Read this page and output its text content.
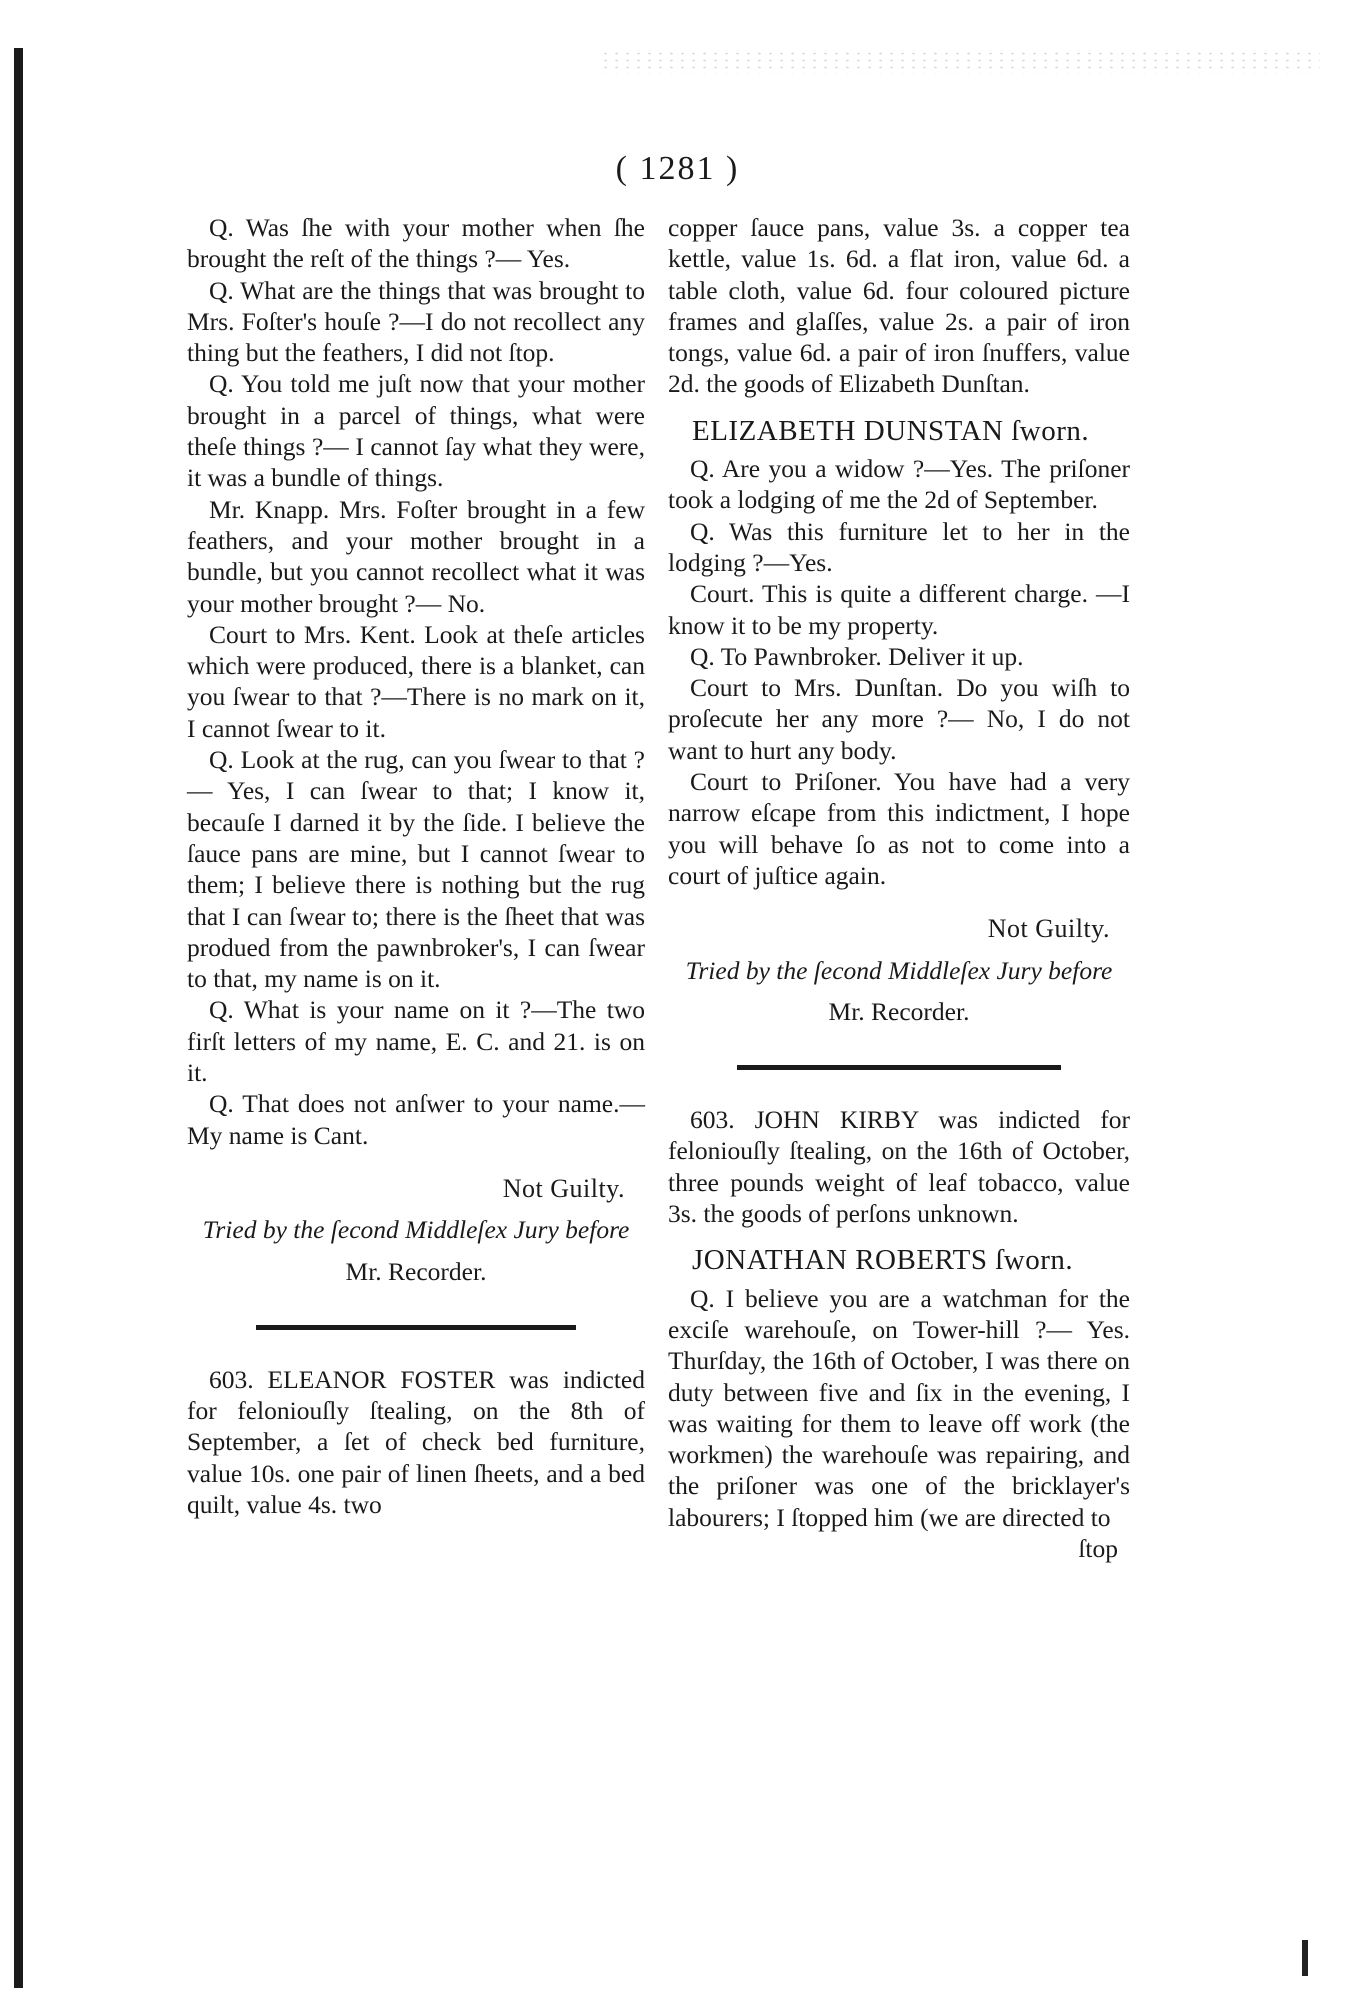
( 1281 )

Q. Was ſhe with your mother when ſhe brought the reſt of the things ?— Yes.

Q. What are the things that was brought to Mrs. Foſter's houſe ?—I do not recollect any thing but the feathers, I did not ſtop.

Q. You told me juſt now that your mother brought in a parcel of things, what were theſe things ?— I cannot ſay what they were, it was a bundle of things.

Mr. Knapp. Mrs. Foſter brought in a few feathers, and your mother brought in a bundle, but you cannot recollect what it was your mother brought ?— No.

Court to Mrs. Kent. Look at theſe articles which were produced, there is a blanket, can you ſwear to that ?—There is no mark on it, I cannot ſwear to it.

Q. Look at the rug, can you ſwear to that ?— Yes, I can ſwear to that; I know it, becauſe I darned it by the ſide. I believe the ſauce pans are mine, but I cannot ſwear to them; I believe there is nothing but the rug that I can ſwear to; there is the ſheet that was produed from the pawnbroker's, I can ſwear to that, my name is on it.

Q. What is your name on it ?—The two firſt letters of my name, E. C. and 21. is on it.

Q. That does not anſwer to your name.—My name is Cant.

Not Guilty.

Tried by the ſecond Middleſex Jury before

Mr. Recorder.

603. ELEANOR FOSTER was indicted for feloniouſly ſtealing, on the 8th of September, a ſet of check bed furniture, value 10s. one pair of linen ſheets, and a bed quilt, value 4s. two

copper ſauce pans, value 3s. a copper tea kettle, value 1s. 6d. a flat iron, value 6d. a table cloth, value 6d. four coloured picture frames and glaſſes, value 2s. a pair of iron tongs, value 6d. a pair of iron ſnuffers, value 2d. the goods of Elizabeth Dunſtan.

ELIZABETH DUNSTAN ſworn.

Q. Are you a widow ?—Yes. The priſoner took a lodging of me the 2d of September.

Q. Was this furniture let to her in the lodging ?—Yes.

Court. This is quite a different charge. —I know it to be my property.

Q. To Pawnbroker. Deliver it up.

Court to Mrs. Dunſtan. Do you wiſh to proſecute her any more ?— No, I do not want to hurt any body.

Court to Priſoner. You have had a very narrow eſcape from this indictment, I hope you will behave ſo as not to come into a court of juſtice again.

Not Guilty.

Tried by the ſecond Middleſex Jury before

Mr. Recorder.

603. JOHN KIRBY was indicted for feloniouſly ſtealing, on the 16th of October, three pounds weight of leaf tobacco, value 3s. the goods of perſons unknown.

JONATHAN ROBERTS ſworn.

Q. I believe you are a watchman for the exciſe warehouſe, on Tower-hill ?— Yes. Thurſday, the 16th of October, I was there on duty between five and ſix in the evening, I was waiting for them to leave off work (the workmen) the warehouſe was repairing, and the priſoner was one of the bricklayer's labourers; I ſtopped him (we are directed to

ſtop
